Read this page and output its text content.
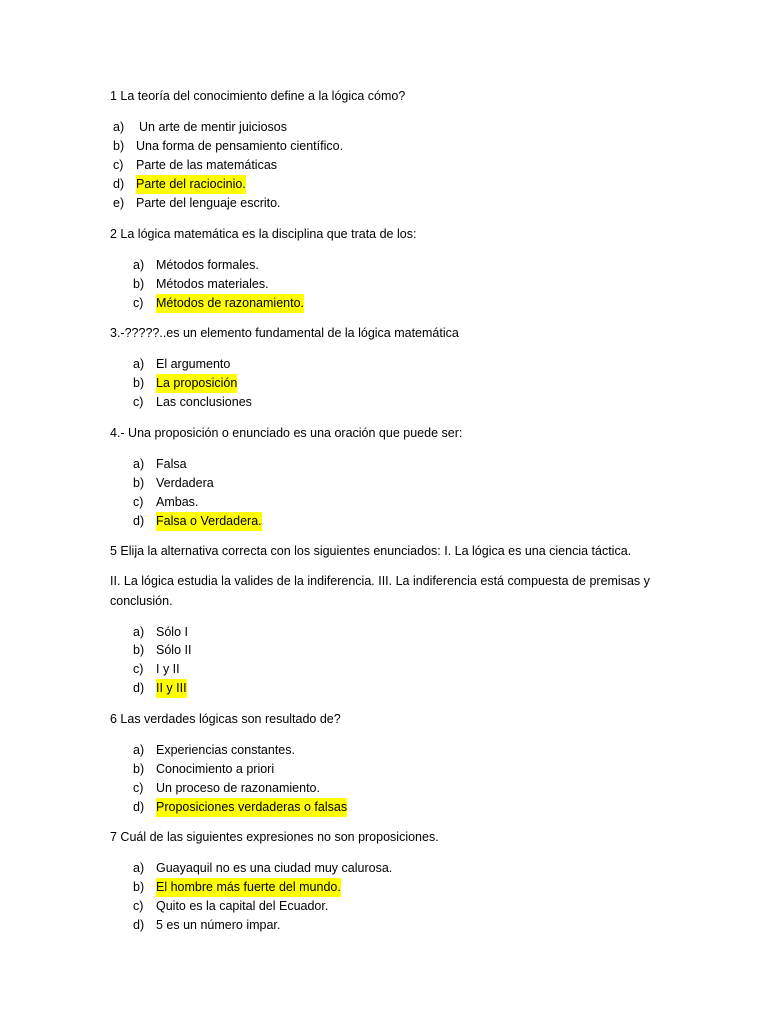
1 La teoría del conocimiento define a la lógica cómo?

a) Un arte de mentir juiciosos
b) Una forma de pensamiento científico.
c) Parte de las matemáticas
d) Parte del raciocinio.
e) Parte del lenguaje escrito.

2 La lógica matemática es la disciplina que trata de los:

a) Métodos formales.
b) Métodos materiales.
c) Métodos de razonamiento.

3.-?????..es un elemento fundamental de la lógica matemática

a) El argumento
b) La proposición
c) Las conclusiones

4.- Una proposición o enunciado es una oración que puede ser:

a) Falsa
b) Verdadera
c) Ambas.
d) Falsa o Verdadera.

5 Elija la alternativa correcta con los siguientes enunciados: I. La lógica es una ciencia táctica.

II. La lógica estudia la valides de la indiferencia. III. La indiferencia está compuesta de premisas y conclusión.

a) Sólo I
b) Sólo II
c) I y II
d) II y III

6 Las verdades lógicas son resultado de?

a) Experiencias constantes.
b) Conocimiento a priori
c) Un proceso de razonamiento.
d) Proposiciones verdaderas o falsas

7 Cuál de las siguientes expresiones no son proposiciones.

a) Guayaquil no es una ciudad muy calurosa.
b) El hombre más fuerte del mundo.
c) Quito es la capital del Ecuador.
d) 5 es un número impar.
